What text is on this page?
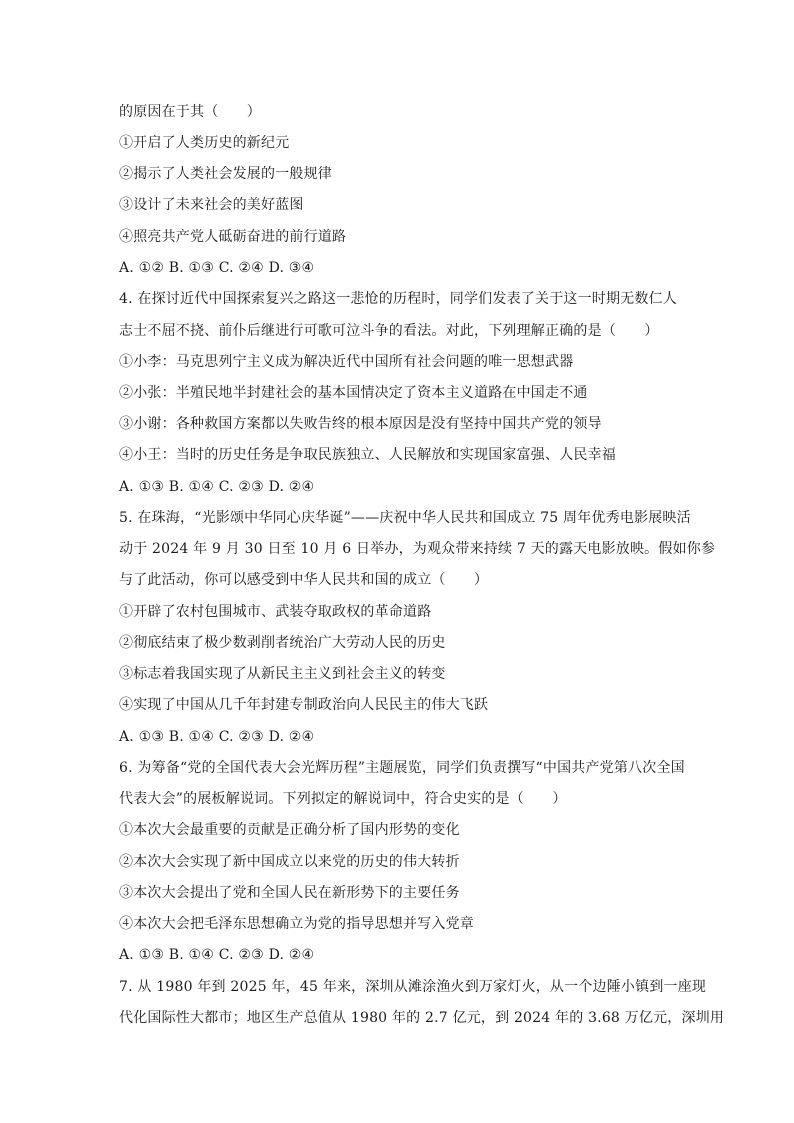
的原因在于其（　　）
①开启了人类历史的新纪元
②揭示了人类社会发展的一般规律
③设计了未来社会的美好蓝图
④照亮共产党人砥砺奋进的前行道路
A. ①② B. ①③ C. ②④ D. ③④
4. 在探讨近代中国探索复兴之路这一悲怆的历程时，同学们发表了关于这一时期无数仁人
志士不屈不挠、前仆后继进行可歌可泣斗争的看法。对此，下列理解正确的是（　　）
①小李：马克思列宁主义成为解决近代中国所有社会问题的唯一思想武器
②小张：半殖民地半封建社会的基本国情决定了资本主义道路在中国走不通
③小谢：各种救国方案都以失败告终的根本原因是没有坚持中国共产党的领导
④小王：当时的历史任务是争取民族独立、人民解放和实现国家富强、人民幸福
A. ①③ B. ①④ C. ②③ D. ②④
5. 在珠海，“光影颂中华同心庆华诞”——庆祝中华人民共和国成立 75 周年优秀电影展映活
动于 2024 年 9 月 30 日至 10 月 6 日举办，为观众带来持续 7 天的露天电影放映。假如你参
与了此活动，你可以感受到中华人民共和国的成立（　　）
①开辟了农村包围城市、武装夺取政权的革命道路
②彻底结束了极少数剥削者统治广大劳动人民的历史
③标志着我国实现了从新民主主义到社会主义的转变
④实现了中国从几千年封建专制政治向人民民主的伟大飞跃
A. ①③ B. ①④ C. ②③ D. ②④
6. 为筹备“党的全国代表大会光辉历程”主题展览，同学们负责撰写“中国共产党第八次全国
代表大会”的展板解说词。下列拟定的解说词中，符合史实的是（　　）
①本次大会最重要的贡献是正确分析了国内形势的变化
②本次大会实现了新中国成立以来党的历史的伟大转折
③本次大会提出了党和全国人民在新形势下的主要任务
④本次大会把毛泽东思想确立为党的指导思想并写入党章
A. ①③ B. ①④ C. ②③ D. ②④
7. 从 1980 年到 2025 年，45 年来，深圳从滩涂渔火到万家灯火，从一个边陲小镇到一座现
代化国际性大都市；地区生产总值从 1980 年的 2.7 亿元，到 2024 年的 3.68 万亿元，深圳用
